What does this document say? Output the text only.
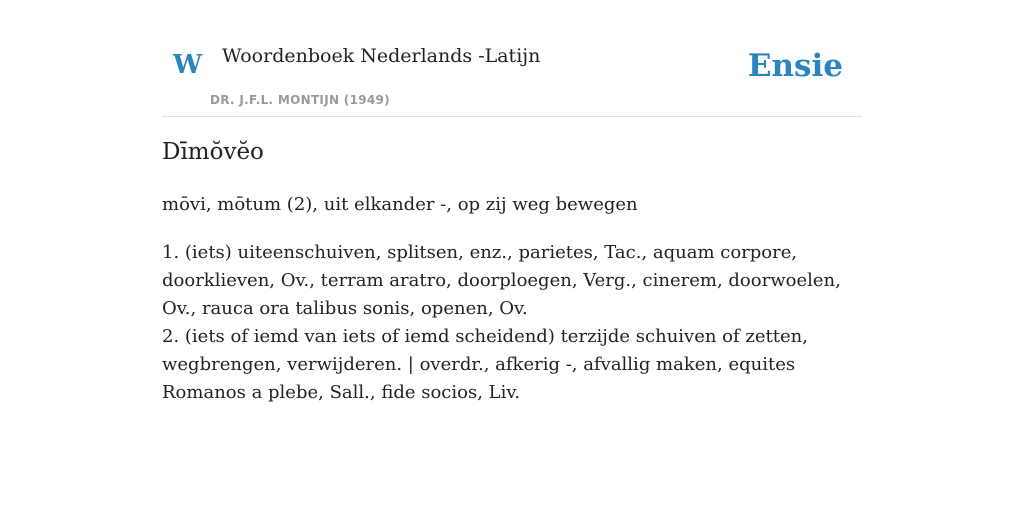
W Woordenboek Nederlands -Latijn
DR. J.F.L. MONTIJN (1949)
Ensie
Dīmŏvĕo
mōvi, mōtum (2), uit elkander -, op zij weg bewegen

1. (iets) uiteenschuiven, splitsen, enz., parietes, Tac., aquam corpore, doorklieven, Ov., terram aratro, doorploegen, Verg., cinerem, doorwoelen, Ov., rauca ora talibus sonis, openen, Ov.

2. (iets of iemd van iets of iemd scheidend) terzijde schuiven of zetten, wegbrengen, verwijderen. | overdr., afkerig -, afvallig maken, equites Romanos a plebe, Sall., fide socios, Liv.
